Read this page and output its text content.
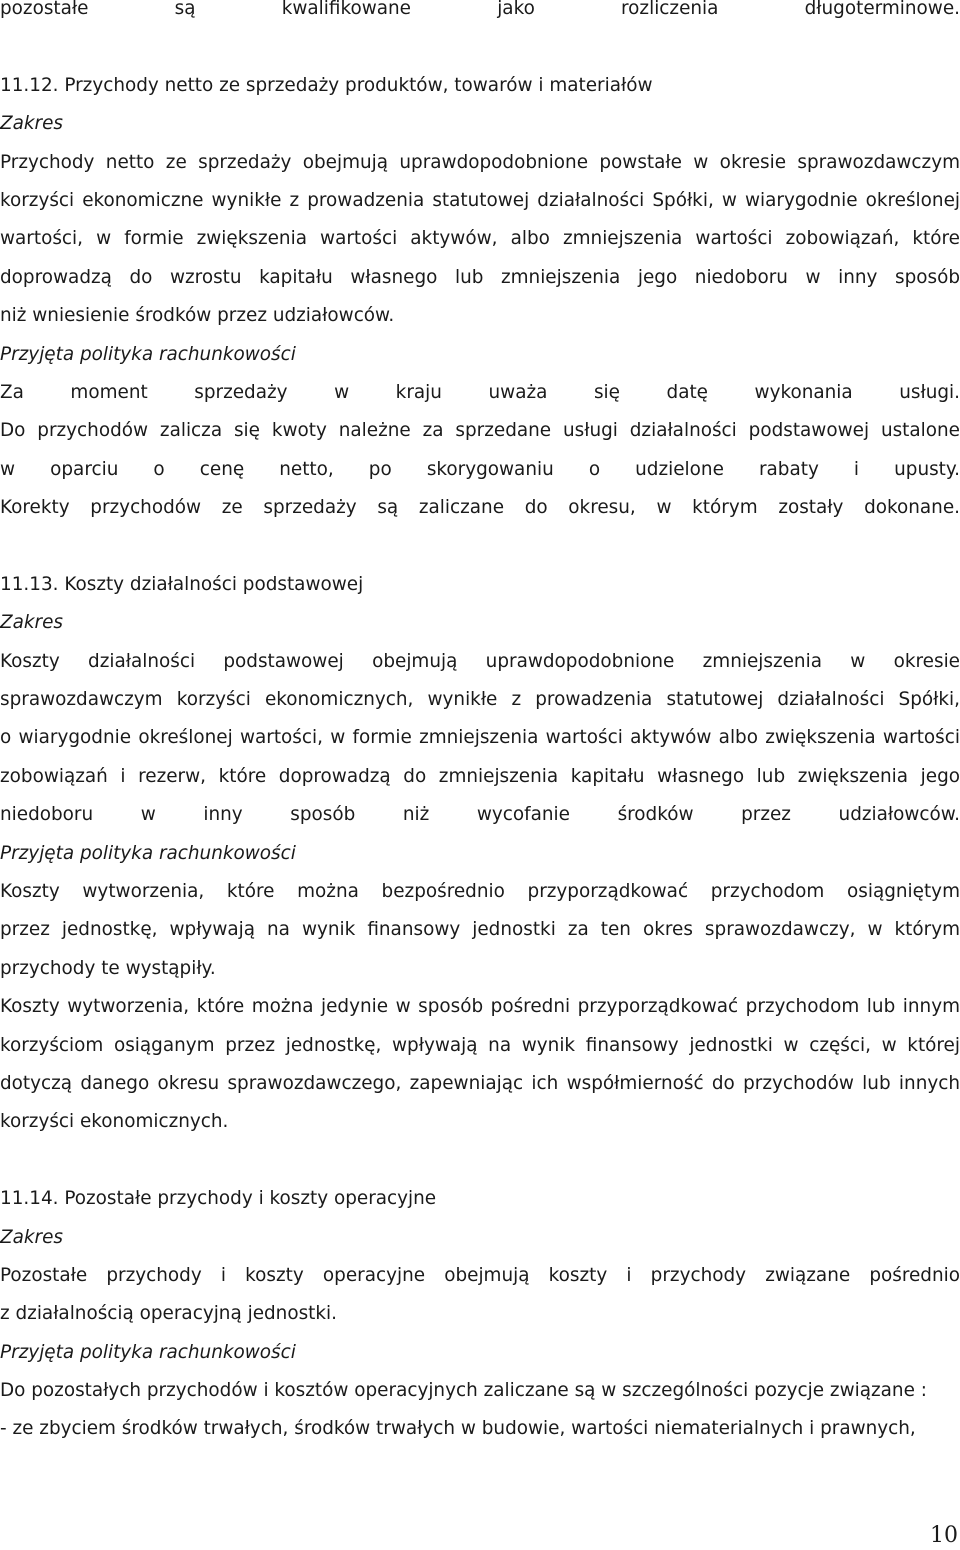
pozostałe są kwalifikowane jako rozliczenia długoterminowe.
11.12. Przychody netto ze sprzedaży produktów, towarów i materiałów
Zakres
Przychody netto ze sprzedaży obejmują uprawdopodobnione powstałe w okresie sprawozdawczym
korzyści ekonomiczne wynikłe z prowadzenia statutowej działalności Spółki, w wiarygodnie określonej
wartości, w formie zwiększenia wartości aktywów, albo zmniejszenia wartości zobowiązań, które
doprowadzą do wzrostu kapitału własnego lub zmniejszenia jego niedoboru w inny sposób
niż wniesienie środków przez udziałowców.
Przyjęta polityka rachunkowości
Za moment sprzedaży w kraju uważa się datę wykonania usługi.
Do przychodów zalicza się kwoty należne za sprzedane usługi działalności podstawowej ustalone
w oparciu o cenę netto, po skorygowaniu o udzielone rabaty i upusty.
Korekty przychodów ze sprzedaży są zaliczane do okresu, w którym zostały dokonane.
11.13. Koszty działalności podstawowej
Zakres
Koszty działalności podstawowej obejmują uprawdopodobnione zmniejszenia w okresie
sprawozdawczym korzyści ekonomicznych, wynikłe z prowadzenia statutowej działalności Spółki,
o wiarygodnie określonej wartości, w formie zmniejszenia wartości aktywów albo zwiększenia wartości
zobowiązań i rezerw, które doprowadzą do zmniejszenia kapitału własnego lub zwiększenia jego
niedoboru w inny sposób niż wycofanie środków przez udziałowców.
Przyjęta polityka rachunkowości
Koszty wytworzenia, które można bezpośrednio przyporządkować przychodom osiągniętym
przez jednostkę, wpływają na wynik finansowy jednostki za ten okres sprawozdawczy, w którym
przychody te wystąpiły.
Koszty wytworzenia, które można jedynie w sposób pośredni przyporządkować przychodom lub innym
korzyściom osiąganym przez jednostkę, wpływają na wynik finansowy jednostki w części, w której
dotyczą danego okresu sprawozdawczego, zapewniając ich współmierność do przychodów lub innych
korzyści ekonomicznych.
11.14. Pozostałe przychody i koszty operacyjne
Zakres
Pozostałe przychody i koszty operacyjne obejmują koszty i przychody związane pośrednio
z działalnością operacyjną jednostki.
Przyjęta polityka rachunkowości
Do pozostałych przychodów i kosztów operacyjnych zaliczane są w szczególności pozycje związane :
- ze zbyciem środków trwałych, środków trwałych w budowie, wartości niematerialnych i prawnych,
10
